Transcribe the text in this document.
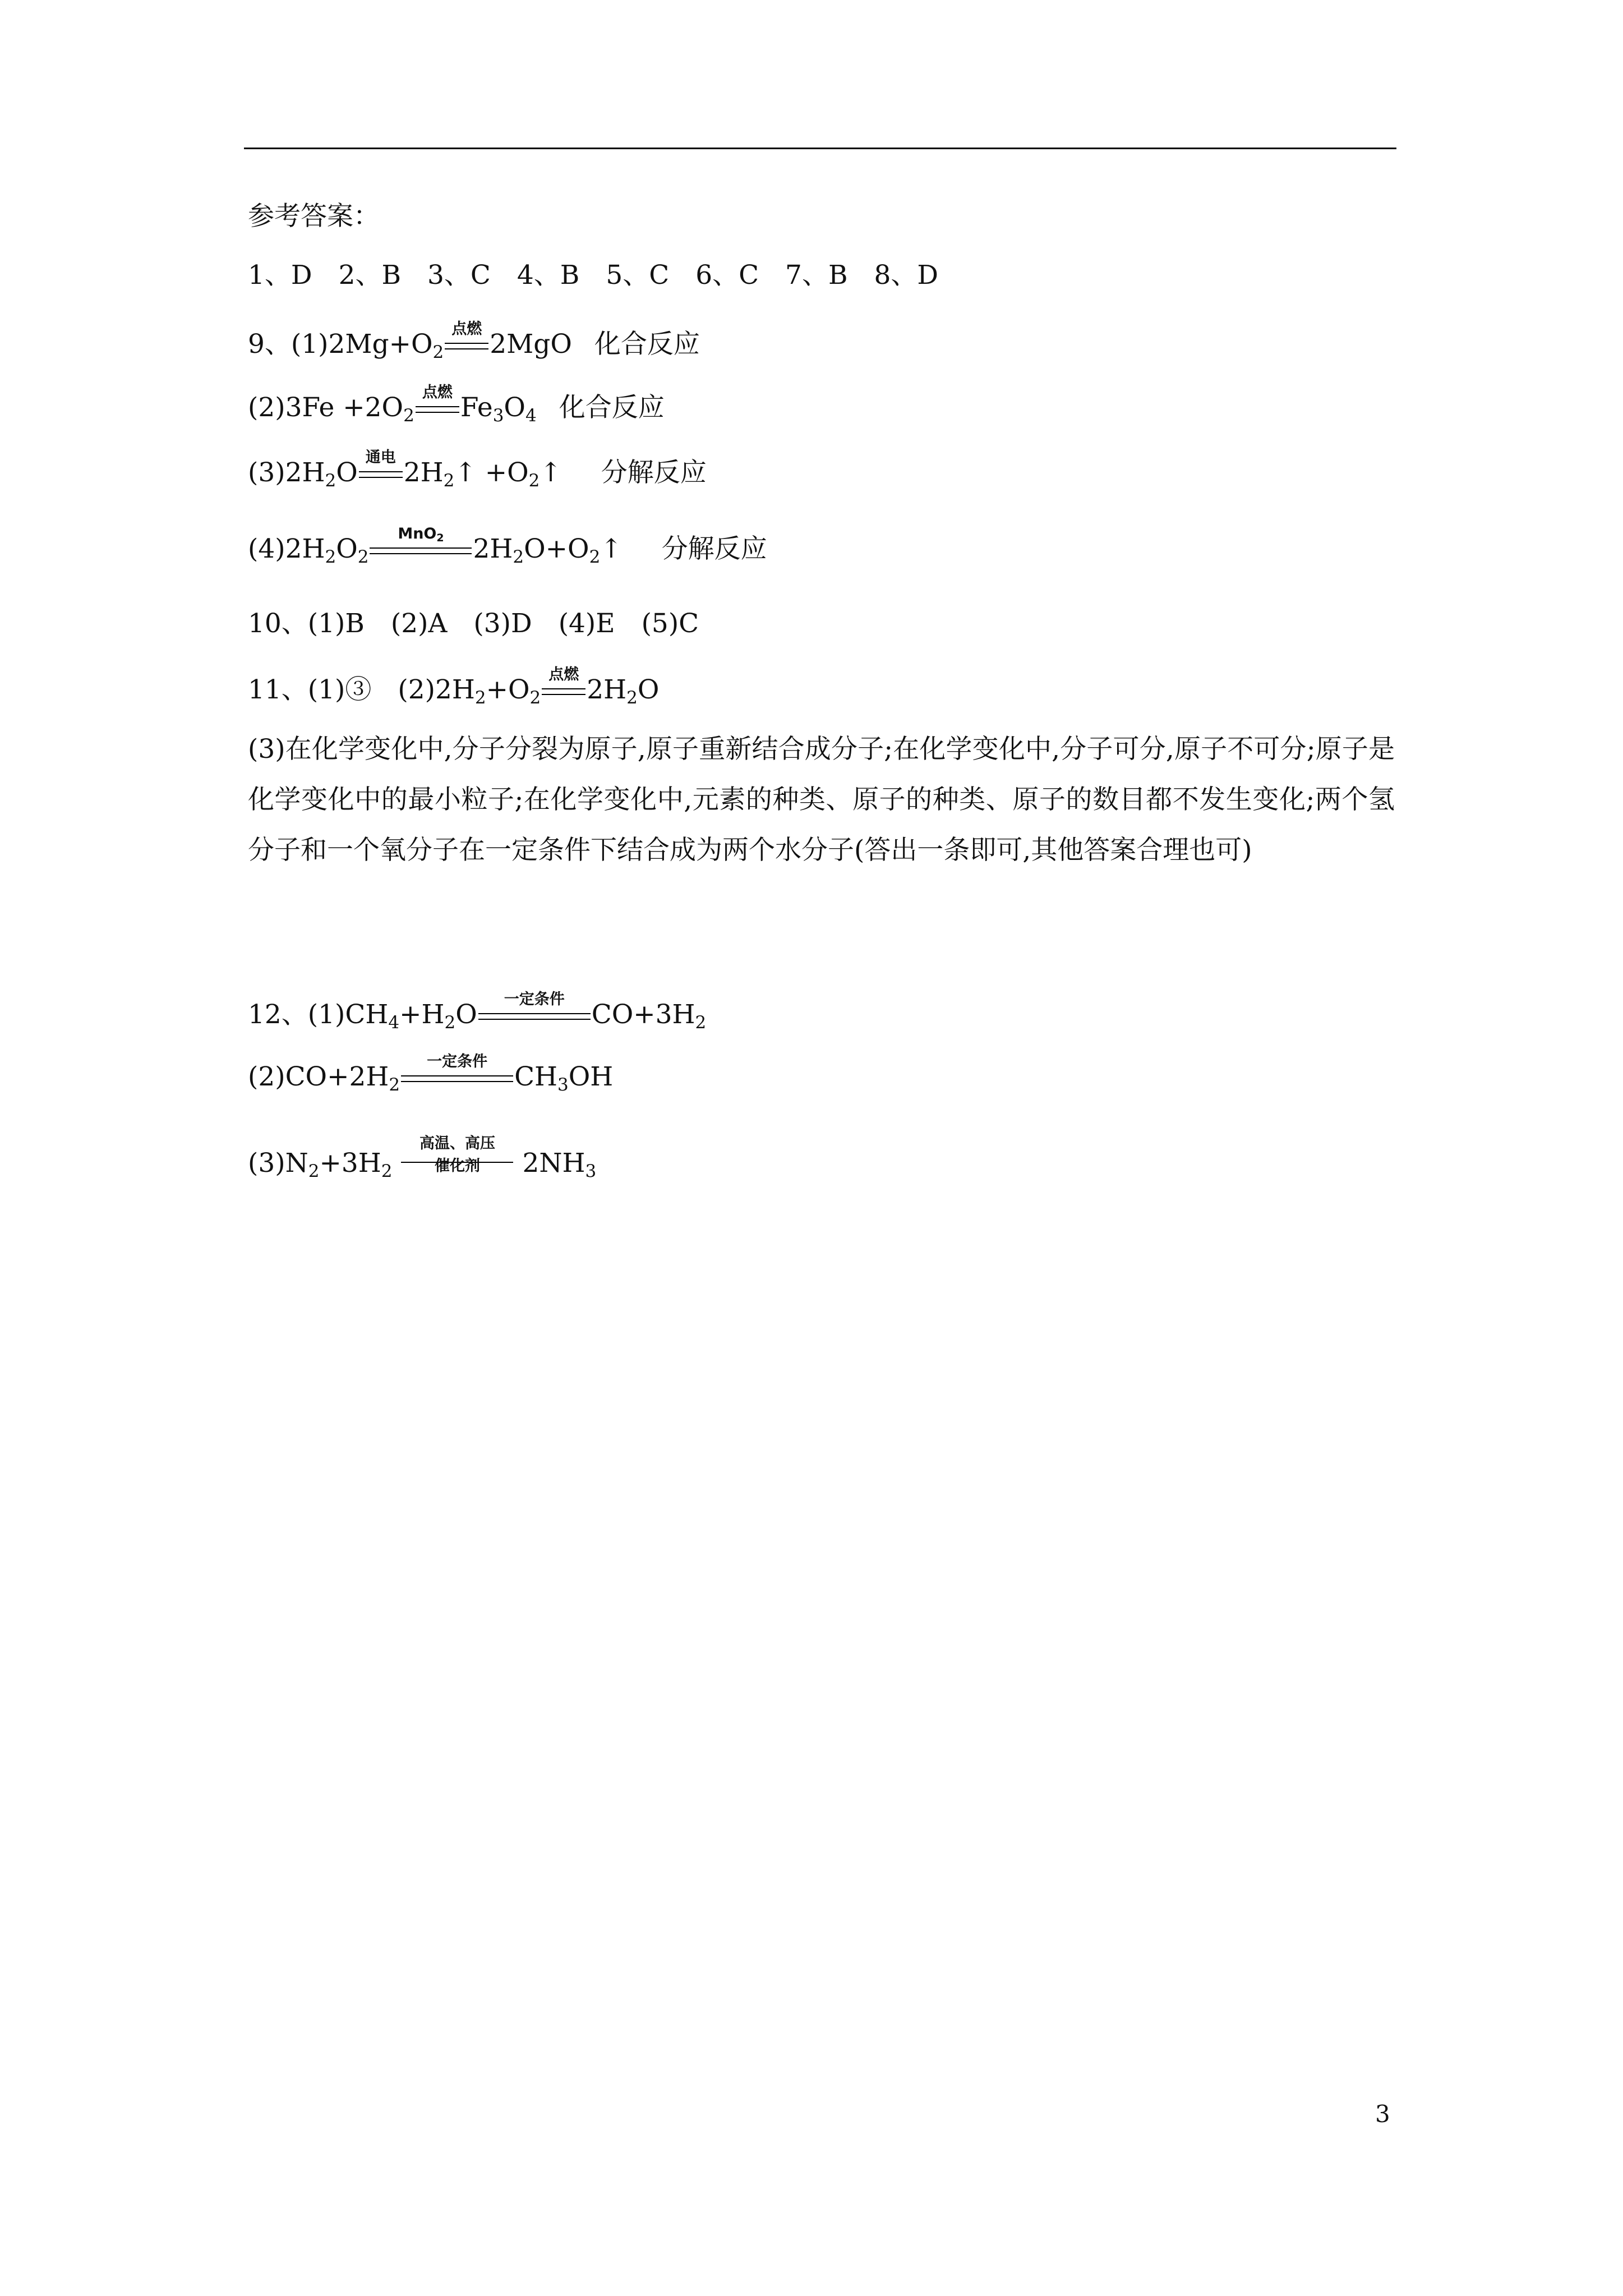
参考答案：
1、D　2、B　3、C　4、B　5、C　6、C　7、B　8、D
9、$(1)2Mg+O_2$
点燃 2MgO 化合反应
$(2)3Fe +2O_2$
点燃 $Fe_3O_4$ 化合反应
$(3)2H_2O$ 通电 $2H_2↑$ $+O_2↑$ 分解反应
$(4)2H_2O_2$
MnO$_2$	$2H_2O+O_2↑$ 分解反应
10、(1)B　(2)A　(3)D　(4)E　(5)C
11、(1)③　$(2)2H_2+O_2$
点燃 $2H_2O$
(3)在化学变化中,分子分裂为原子,原子重新结合成分子;在化学变化中,分子可分,原子不可分;原子是化学变化中的最小粒子;在化学变化中,元素的种类、原子的种类、原子的数目都不发生变化;两个氢分子和一个氧分子在一定条件下结合成为两个水分子(答出一条即可,其他答案合理也可)
12、$(1)CH_4+H_2O$	一定条件	$CO+3H_2$
$(2)CO+2H_2$
一定条件	$CH_3OH$
$(3)N_2+3H_2$
高温、高压
催化剂	$2NH_3$
3
